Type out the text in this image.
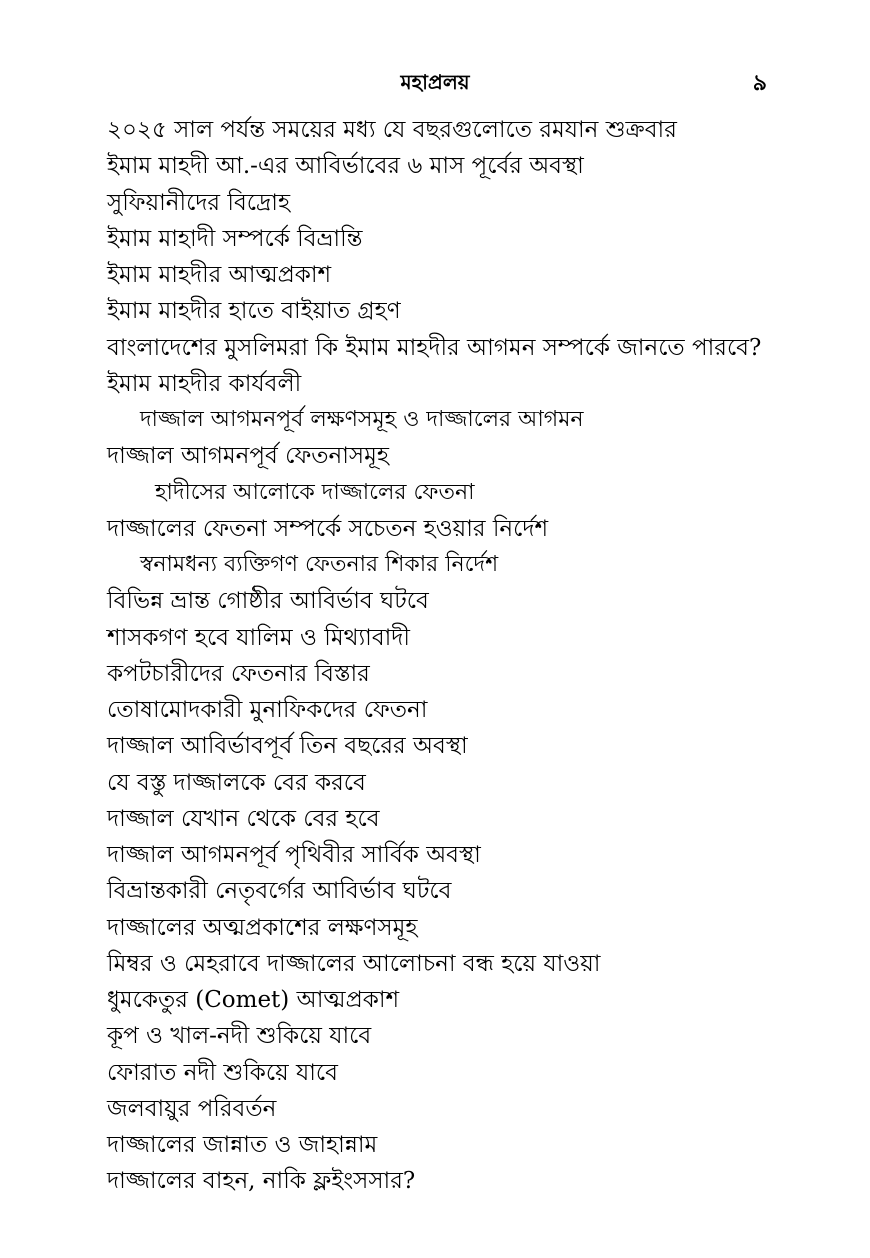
মহাপ্রলয়	৯
২০২৫ সাল পর্যন্ত সময়ের মধ্য যে বছরগুলোতে রমযান শুক্রবার
ইমাম মাহদী আ.-এর আবির্ভাবের ৬ মাস পূর্বের অবস্থা
সুফিয়ানীদের বিদ্রোহ
ইমাম মাহাদী সম্পর্কে বিভ্রান্তি
ইমাম মাহদীর আত্মপ্রকাশ
ইমাম মাহদীর হাতে বাইয়াত গ্রহণ
বাংলাদেশের মুসলিমরা কি ইমাম মাহদীর আগমন সম্পর্কে জানতে পারবে?
ইমাম মাহদীর কার্যবলী
দাজ্জাল আগমনপূর্ব লক্ষণসমূহ ও দাজ্জালের আগমন
দাজ্জাল আগমনপূর্ব ফেতনাসমূহ
হাদীসের আলোকে দাজ্জালের ফেতনা
দাজ্জালের ফেতনা সম্পর্কে সচেতন হওয়ার নির্দেশ
স্বনামধন্য ব্যক্তিগণ ফেতনার শিকার নির্দেশ
বিভিন্ন ভ্রান্ত গোষ্ঠীর আবির্ভাব ঘটবে
শাসকগণ হবে যালিম ও মিথ্যাবাদী
কপটচারীদের ফেতনার বিস্তার
তোষামোদকারী মুনাফিকদের ফেতনা
দাজ্জাল আবির্ভাবপূর্ব তিন বছরের অবস্থা
যে বস্তু দাজ্জালকে বের করবে
দাজ্জাল যেখান থেকে বের হবে
দাজ্জাল আগমনপূর্ব পৃথিবীর সার্বিক অবস্থা
বিভ্রান্তকারী নেতৃবর্গের আবির্ভাব ঘটবে
দাজ্জালের অত্মপ্রকাশের লক্ষণসমূহ
মিম্বর ও মেহরাবে দাজ্জালের আলোচনা বন্ধ হয়ে যাওয়া
ধুমকেতুর (Comet) আত্মপ্রকাশ
কূপ ও খাল-নদী শুকিয়ে যাবে
ফোরাত নদী শুকিয়ে যাবে
জলবায়ুর পরিবর্তন
দাজ্জালের জান্নাত ও জাহান্নাম
দাজ্জালের বাহন, নাকি ফ্লইংসসার?
